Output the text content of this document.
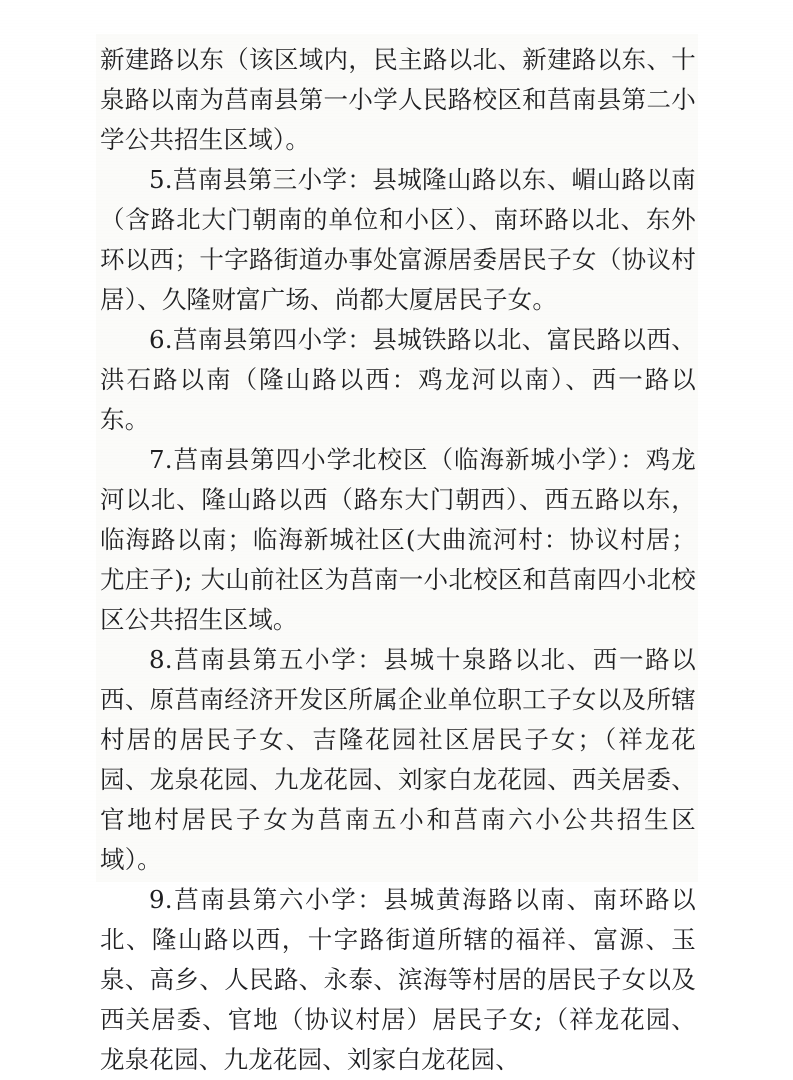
新建路以东（该区域内，民主路以北、新建路以东、十泉路以南为莒南县第一小学人民路校区和莒南县第二小学公共招生区域）。

5.莒南县第三小学：县城隆山路以东、嵋山路以南（含路北大门朝南的单位和小区）、南环路以北、东外环以西；十字路街道办事处富源居委居民子女（协议村居）、久隆财富广场、尚都大厦居民子女。

6.莒南县第四小学：县城铁路以北、富民路以西、洪石路以南（隆山路以西：鸡龙河以南）、西一路以东。

7.莒南县第四小学北校区（临海新城小学）：鸡龙河以北、隆山路以西（路东大门朝西）、西五路以东，临海路以南；临海新城社区(大曲流河村：协议村居；尤庄子); 大山前社区为莒南一小北校区和莒南四小北校区公共招生区域。

8.莒南县第五小学：县城十泉路以北、西一路以西、原莒南经济开发区所属企业单位职工子女以及所辖村居的居民子女、吉隆花园社区居民子女；（祥龙花园、龙泉花园、九龙花园、刘家白龙花园、西关居委、官地村居民子女为莒南五小和莒南六小公共招生区域）。

9.莒南县第六小学：县城黄海路以南、南环路以北、隆山路以西，十字路街道所辖的福祥、富源、玉泉、高乡、人民路、永泰、滨海等村居的居民子女以及西关居委、官地（协议村居）居民子女;（祥龙花园、龙泉花园、九龙花园、刘家白龙花园、
